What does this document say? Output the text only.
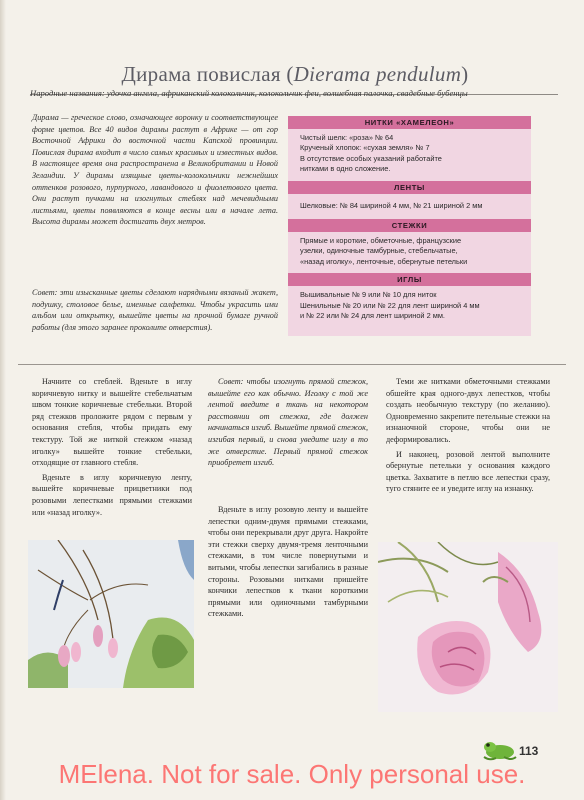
Дирама повислая (Dierama pendulum)
Народные названия: удочка ангела, африканский колокольчик, колокольчик феи, волшебная палочка, свадебные бубенцы

Дирама — греческое слово, означающее воронку и соответствующее форме цветов. Все 40 видов дирамы растут в Африке — от гор Восточной Африки до восточной части Капской провинции. Повислая дирама входит в число самых красивых и известных видов. В настоящее время она распространена в Великобритании и Новой Зеландии. У дирамы изящные цветы-колокольчики нежнейших оттенков розового, пурпурного, лавандового и фиолетового цвета. Они растут пучками на изогнутых стеблях над мечевидными листьями, цветы появляются в конце весны или в начале лета. Высота дирамы может достигать двух метров.

Совет: эти изысканные цветы сделают нарядными вязаный жакет, подушку, столовое белье, именные салфетки. Чтобы украсить ими альбом или открытку, вышейте цветы на прочной бумаге ручной работы (для этого заранее проколите отверстия).
НИТКИ «ХАМЕЛЕОН»
Чистый шелк: «роза» № 64
Крученый хлопок: «сухая земля» № 7
В отсутствие особых указаний работайте
нитками в одно сложение.
ЛЕНТЫ
Шелковые: № 84 шириной 4 мм, № 21 шириной 2 мм
СТЕЖКИ
Прямые и короткие, обметочные, французские
узелки, одиночные тамбурные, стебельчатые,
«назад иголку», ленточные, обернутые петельки
ИГЛЫ
Вышивальные № 9 или № 10 для ниток
Шенильные № 20 или № 22 для лент шириной 4 мм
и № 22 или № 24 для лент шириной 2 мм.

Начните со стеблей. Вденьте в иглу коричневую нитку и вышейте стебельчатым швом тонкие коричневые стебельки. Второй ряд стежков проложите рядом с первым у основания стебля, чтобы придать ему текстуру. Той же ниткой стежком «назад иголку» вышейте тонкие стебельки, отходящие от главного стебля.

Вденьте в иглу коричневую ленту, вышейте коричневые прицветники под розовыми лепестками прямыми стежками или «назад иголку».

Совет: чтобы изогнуть прямой стежок, вышейте его как обычно. Иголку с той же лентой введите в ткань на некотором расстоянии от стежка, где должен начинаться изгиб. Вышейте прямой стежок, изгибая первый, и снова уведите иглу в то же отверстие. Первый прямой стежок приобретет изгиб.

Вденьте в иглу розовую ленту и вышейте лепестки одним-двумя прямыми стежками, чтобы они перекрывали друг друга. Накройте эти стежки сверху двумя-тремя ленточными стежками, в том числе повернутыми и витыми, чтобы лепестки загибались в разные стороны. Розовыми нитками пришейте кончики лепестков к ткани короткими прямыми или одиночными тамбурными стежками.

Теми же нитками обметочными стежками обшейте края одного-двух лепестков, чтобы создать необычную текстуру (по желанию). Одновременно закрепите петельные стежки на изнаночной стороне, чтобы они не деформировались.

И наконец, розовой лентой выполните обернутые петельки у основания каждого цветка. Захватите в петлю все лепестки сразу, туго стяните ее и уведите иглу на изнанку.

113
MElena. Not for sale. Only personal use.
